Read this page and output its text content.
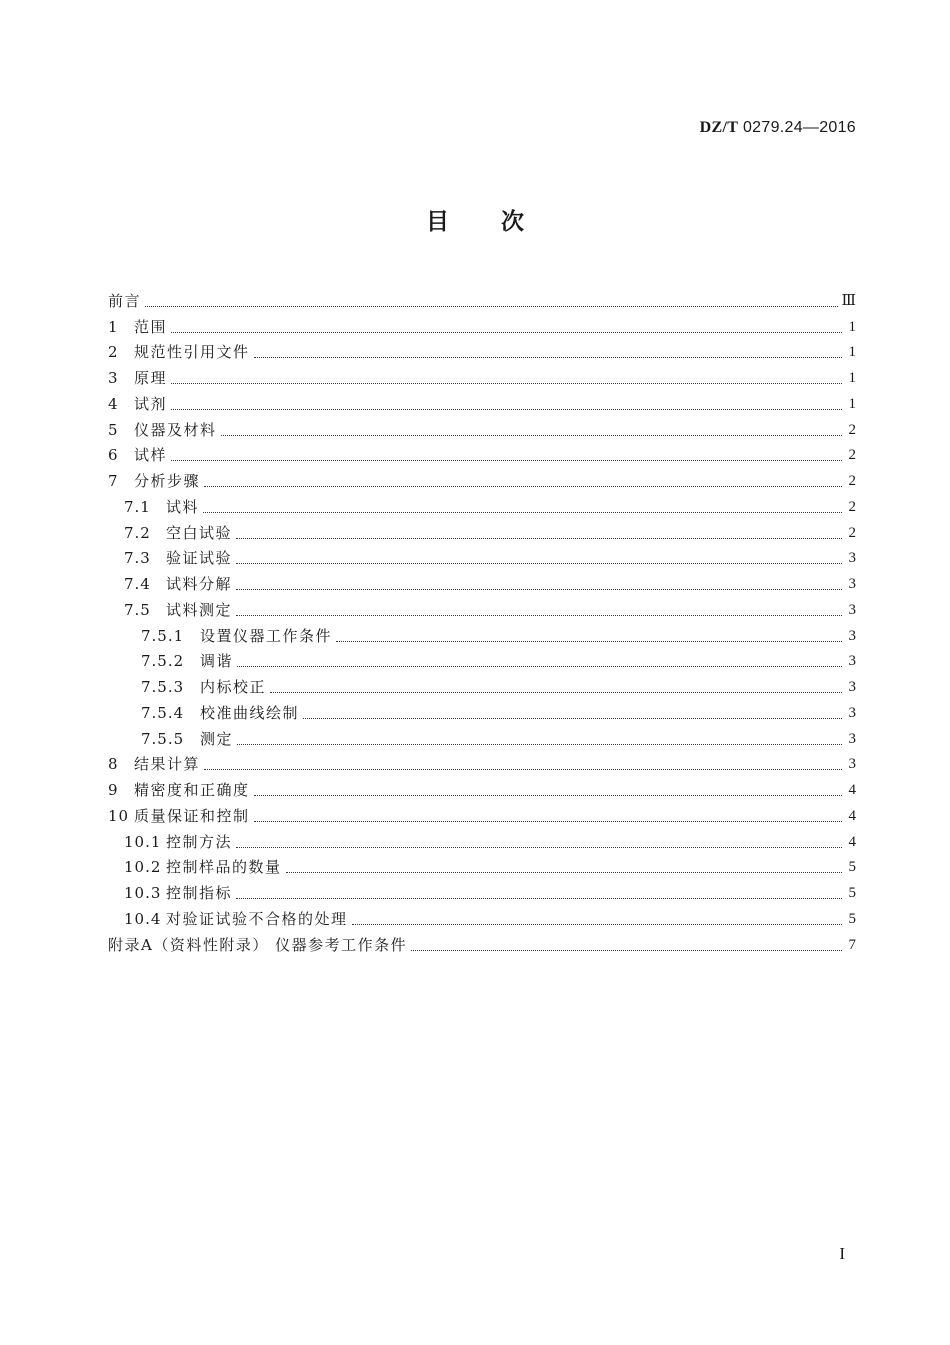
DZ/T 0279.24—2016
目次
前言	Ⅲ
1	范围	1
2	规范性引用文件	1
3	原理	1
4	试剂	1
5	仪器及材料	2
6	试样	2
7	分析步骤	2
7.1	试料	2
7.2	空白试验	2
7.3	验证试验	3
7.4	试料分解	3
7.5	试料测定	3
7.5.1	设置仪器工作条件	3
7.5.2	调谐	3
7.5.3	内标校正	3
7.5.4	校准曲线绘制	3
7.5.5	测定	3
8	结果计算	3
9	精密度和正确度	4
10 质量保证和控制	4
10.1 控制方法	4
10.2 控制样品的数量	5
10.3 控制指标	5
10.4 对验证试验不合格的处理	5
附录A（资料性附录） 仪器参考工作条件	7
I
